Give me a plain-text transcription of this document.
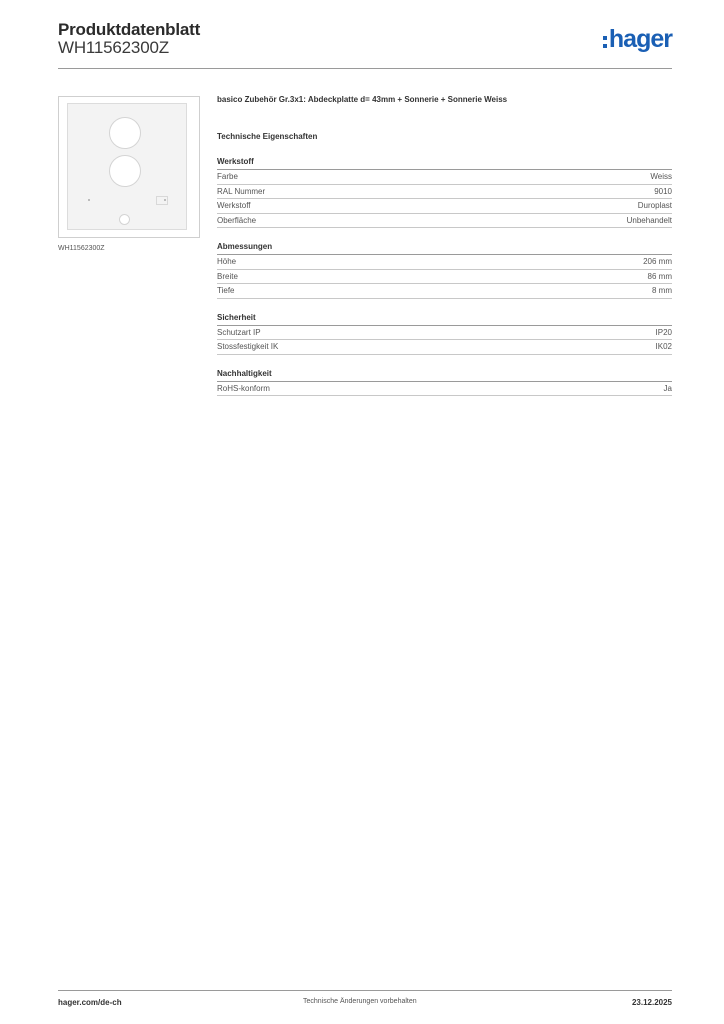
Produktdatenblatt
WH11562300Z	hager
WH11562300Z
basico Zubehör Gr.3x1: Abdeckplatte d= 43mm + Sonnerie + Sonnerie Weiss
Technische Eigenschaften
Werkstoff
Farbe	Weiss
RAL Nummer	9010
Werkstoff	Duroplast
Oberfläche	Unbehandelt
Abmessungen
Höhe	206 mm
Breite	86 mm
Tiefe	8 mm
Sicherheit
Schutzart IP	IP20
Stossfestigkeit IK	IK02
Nachhaltigkeit
RoHS-konform	Ja
hager.com/de-ch	Technische Änderungen vorbehalten	23.12.2025
